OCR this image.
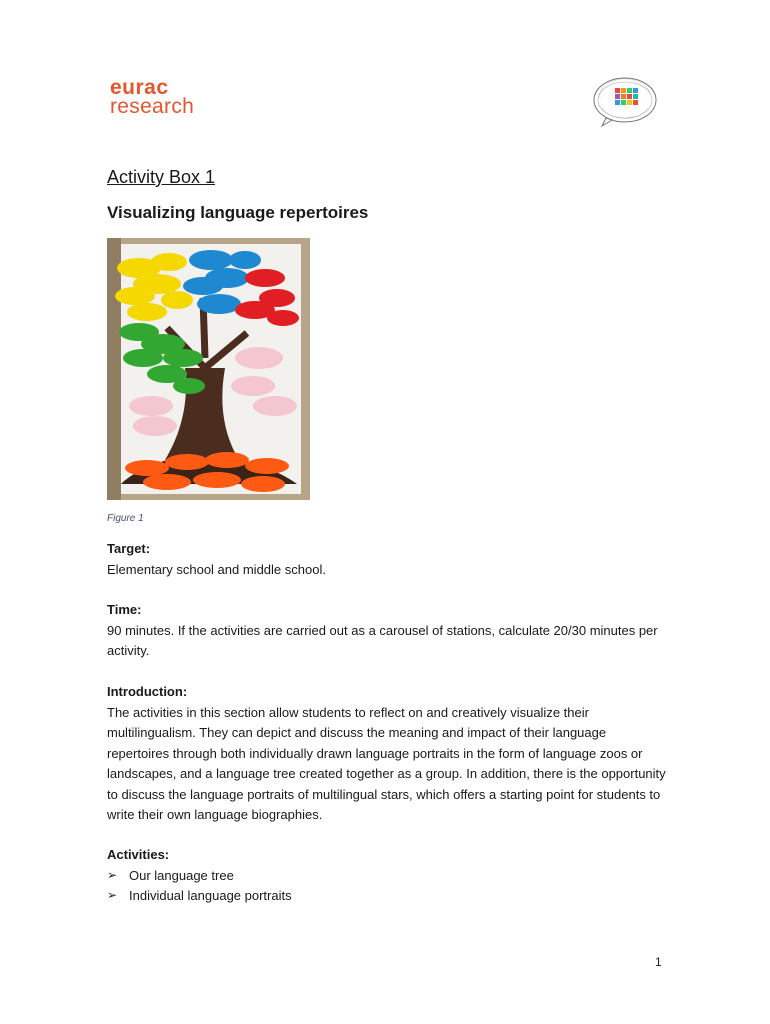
eurac
research
Activity Box 1
Visualizing language repertoires
Figure 1
Target:
Elementary school and middle school.
Time:
90 minutes. If the activities are carried out as a carousel of stations, calculate 20/30 minutes per activity.
Introduction:
The activities in this section allow students to reflect on and creatively visualize their multilingualism. They can depict and discuss the meaning and impact of their language repertoires through both individually drawn language portraits in the form of language zoos or landscapes, and a language tree created together as a group. In addition, there is the opportunity to discuss the language portraits of multilingual stars, which offers a starting point for students to write their own language biographies.
Activities:
➢ Our language tree
➢ Individual language portraits
1
